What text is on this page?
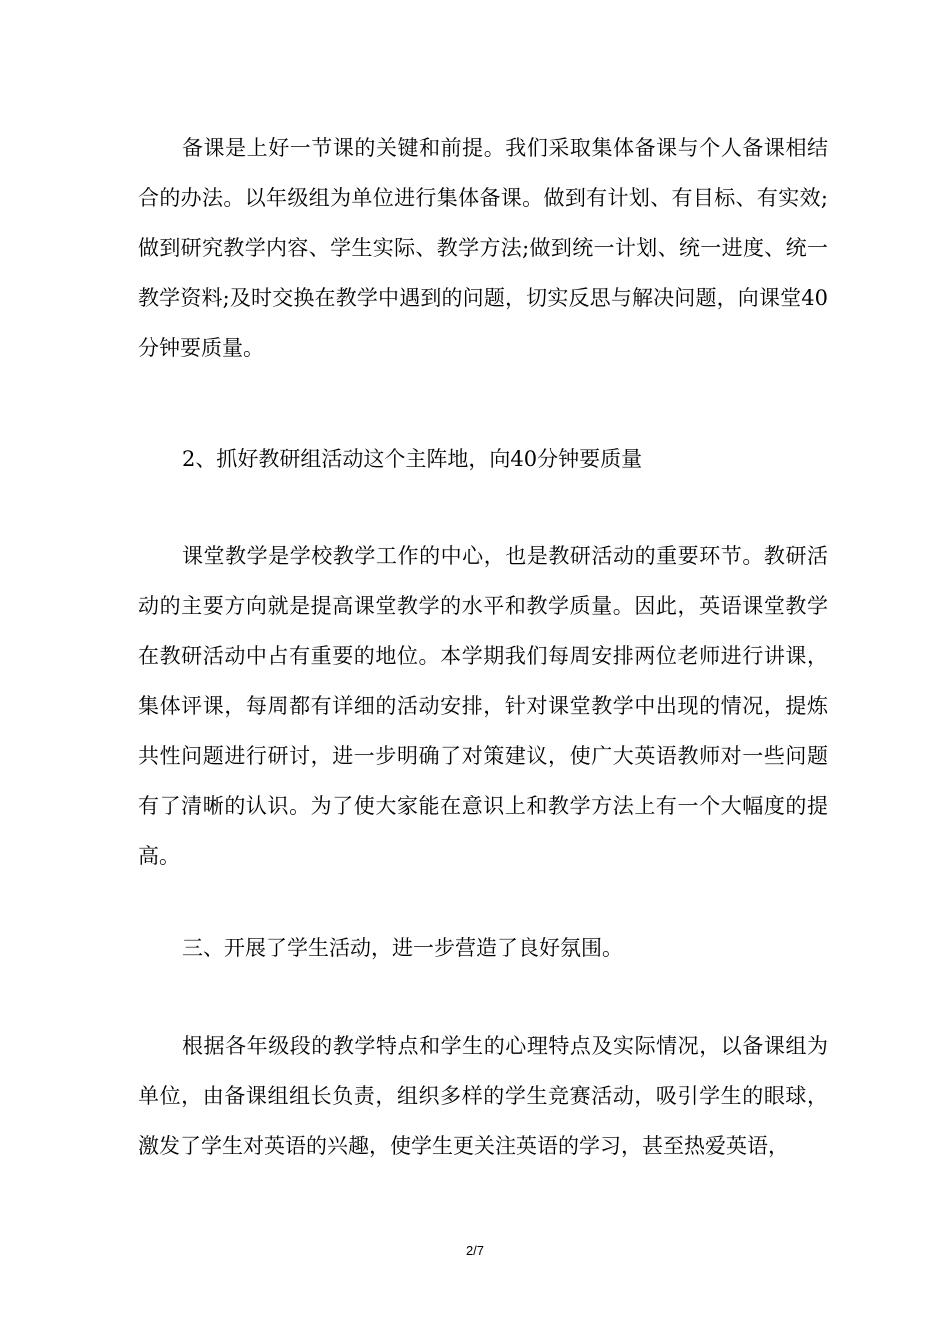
备课是上好一节课的关键和前提。我们采取集体备课与个人备课相结合的办法。以年级组为单位进行集体备课。做到有计划、有目标、有实效;做到研究教学内容、学生实际、教学方法;做到统一计划、统一进度、统一教学资料;及时交换在教学中遇到的问题，切实反思与解决问题，向课堂40分钟要质量。

2、抓好教研组活动这个主阵地，向40分钟要质量

课堂教学是学校教学工作的中心，也是教研活动的重要环节。教研活动的主要方向就是提高课堂教学的水平和教学质量。因此，英语课堂教学在教研活动中占有重要的地位。本学期我们每周安排两位老师进行讲课，集体评课，每周都有详细的活动安排，针对课堂教学中出现的情况，提炼共性问题进行研讨，进一步明确了对策建议，使广大英语教师对一些问题有了清晰的认识。为了使大家能在意识上和教学方法上有一个大幅度的提高。

三、开展了学生活动，进一步营造了良好氛围。

根据各年级段的教学特点和学生的心理特点及实际情况，以备课组为单位，由备课组组长负责，组织多样的学生竞赛活动，吸引学生的眼球，激发了学生对英语的兴趣，使学生更关注英语的学习，甚至热爱英语，

2/7
